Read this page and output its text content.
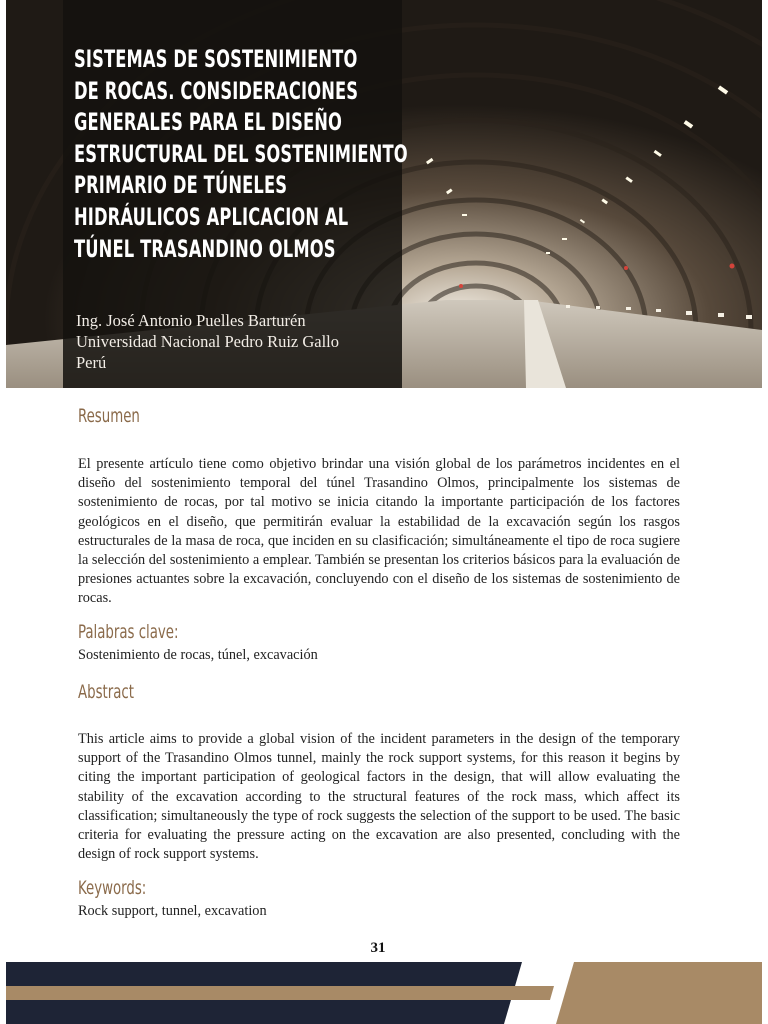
SISTEMAS DE SOSTENIMIENTO
DE ROCAS. CONSIDERACIONES
GENERALES PARA EL DISEÑO
ESTRUCTURAL DEL SOSTENIMIENTO
PRIMARIO DE TÚNELES
HIDRÁULICOS APLICACION AL
TÚNEL TRASANDINO OLMOS
Ing. José Antonio Puelles Barturén
Universidad Nacional Pedro Ruiz Gallo
Perú
Resumen

El presente artículo tiene como objetivo brindar una visión global de los parámetros incidentes en el diseño del sostenimiento temporal del túnel Trasandino Olmos, principalmente los sistemas de sostenimiento de rocas, por tal motivo se inicia citando la importante participación de los factores geológicos en el diseño, que permitirán evaluar la estabilidad de la excavación según los rasgos estructurales de la masa de roca, que inciden en su clasificación; simultáneamente el tipo de roca sugiere la selección del sostenimiento a emplear. También se presentan los criterios básicos para la evaluación de presiones actuantes sobre la excavación, concluyendo con el diseño de los sistemas de sostenimiento de rocas.

Palabras clave:

Sostenimiento de rocas, túnel, excavación

Abstract

This article aims to provide a global vision of the incident parameters in the design of the temporary support of the Trasandino Olmos tunnel, mainly the rock support systems, for this reason it begins by citing the important participation of geological factors in the design, that will allow evaluating the stability of the excavation according to the structural features of the rock mass, which affect its classification; simultaneously the type of rock suggests the selection of the support to be used. The basic criteria for evaluating the pressure acting on the excavation are also presented, concluding with the design of rock support systems.

Keywords:

Rock support, tunnel, excavation

31
